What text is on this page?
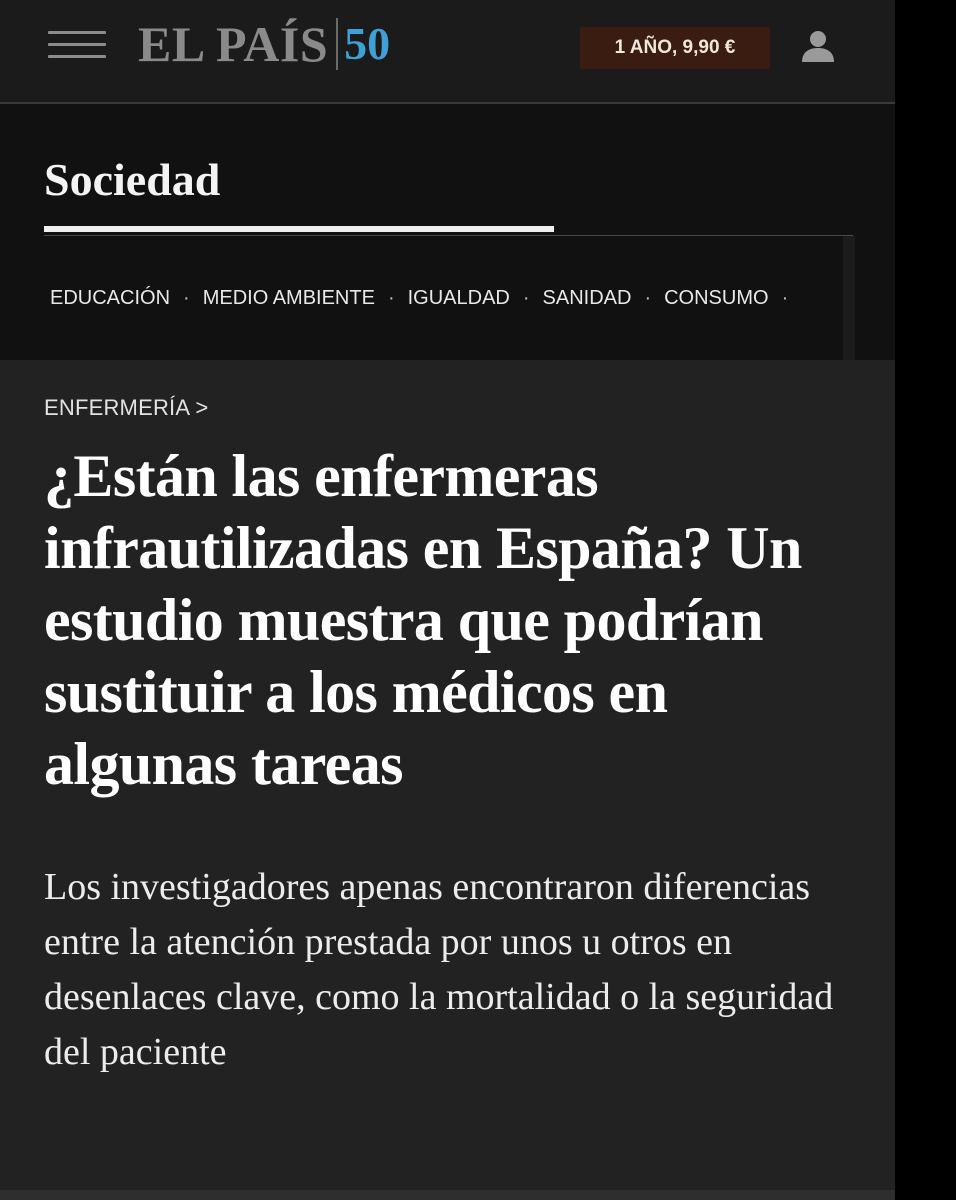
EL PAÍS 50	1 AÑO, 9,90 €
Sociedad
EDUCACIÓN · MEDIO AMBIENTE · IGUALDAD · SANIDAD · CONSUMO ·
ENFERMERÍA >
¿Están las enfermeras infrautilizadas en España? Un estudio muestra que podrían sustituir a los médicos en algunas tareas

Los investigadores apenas encontraron diferencias entre la atención prestada por unos u otros en desenlaces clave, como la mortalidad o la seguridad del paciente
